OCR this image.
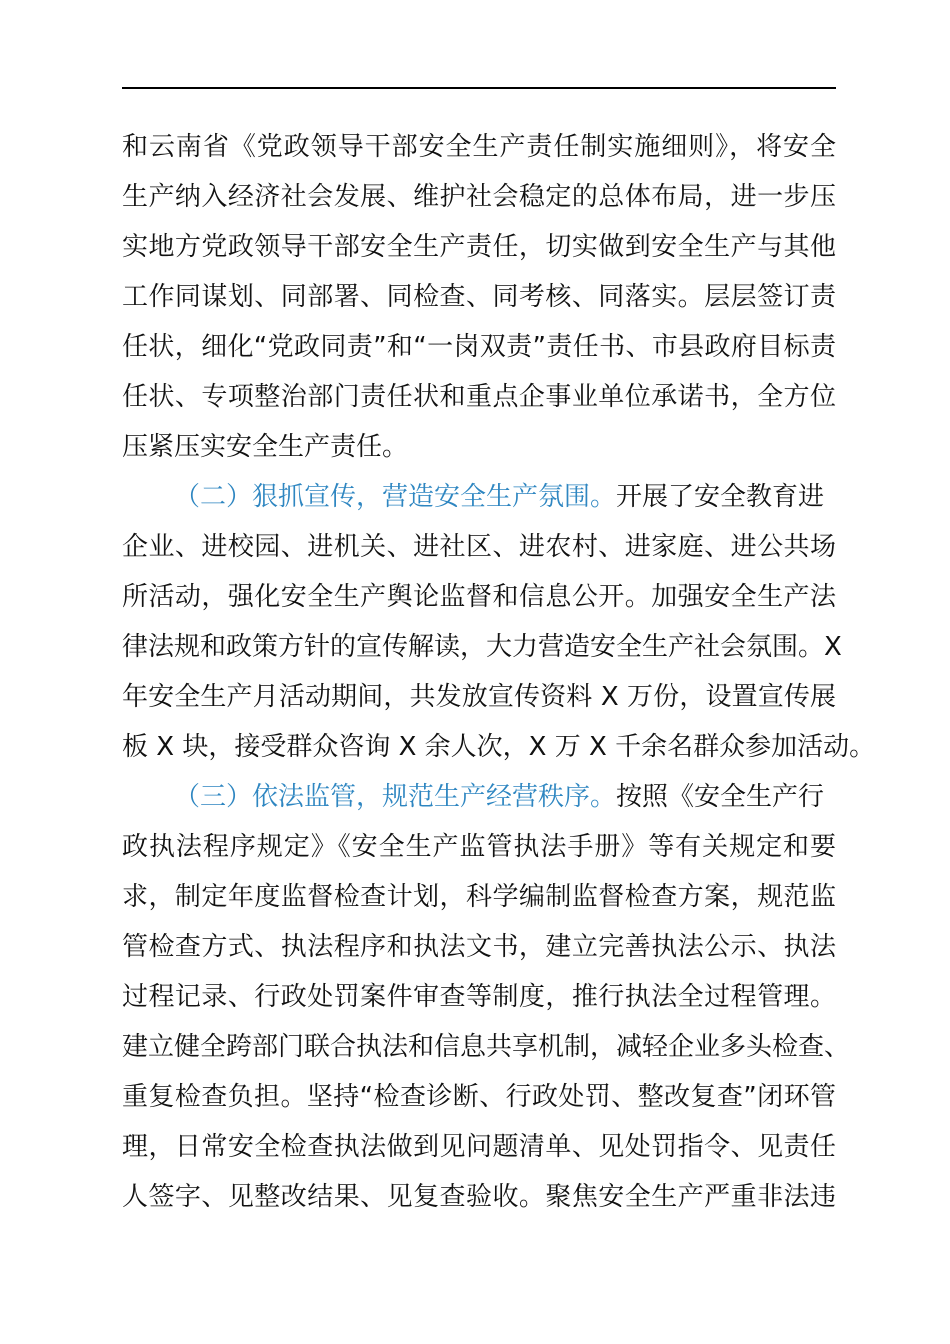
和云南省《党政领导干部安全生产责任制实施细则》，将安全
生产纳入经济社会发展、维护社会稳定的总体布局，进一步压
实地方党政领导干部安全生产责任，切实做到安全生产与其他
工作同谋划、同部署、同检查、同考核、同落实。层层签订责
任状，细化“党政同责”和“一岗双责”责任书、市县政府目标责
任状、专项整治部门责任状和重点企事业单位承诺书，全方位
压紧压实安全生产责任。
（二）狠抓宣传，营造安全生产氛围。开展了安全教育进
企业、进校园、进机关、进社区、进农村、进家庭、进公共场
所活动，强化安全生产舆论监督和信息公开。加强安全生产法
律法规和政策方针的宣传解读，大力营造安全生产社会氛围。X
年安全生产月活动期间，共发放宣传资料 X 万份，设置宣传展
板 X 块，接受群众咨询 X 余人次，X 万 X 千余名群众参加活动。
（三）依法监管，规范生产经营秩序。按照《安全生产行
政执法程序规定》《安全生产监管执法手册》等有关规定和要
求，制定年度监督检查计划，科学编制监督检查方案，规范监
管检查方式、执法程序和执法文书，建立完善执法公示、执法
过程记录、行政处罚案件审查等制度，推行执法全过程管理。
建立健全跨部门联合执法和信息共享机制，减轻企业多头检查、
重复检查负担。坚持“检查诊断、行政处罚、整改复查”闭环管
理，日常安全检查执法做到见问题清单、见处罚指令、见责任
人签字、见整改结果、见复查验收。聚焦安全生产严重非法违
